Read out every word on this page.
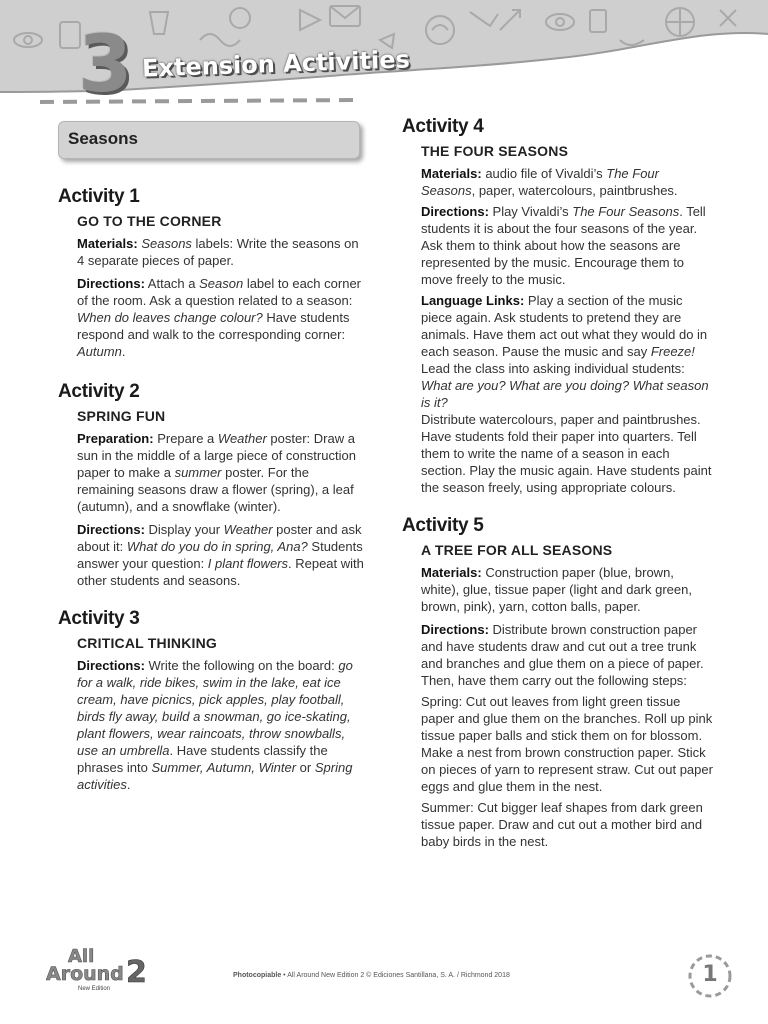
3 Extension Activities
Seasons
Activity 1
GO TO THE CORNER
Materials: Seasons labels: Write the seasons on 4 separate pieces of paper.
Directions: Attach a Season label to each corner of the room. Ask a question related to a season: When do leaves change colour? Have students respond and walk to the corresponding corner: Autumn.
Activity 2
SPRING FUN
Preparation: Prepare a Weather poster: Draw a sun in the middle of a large piece of construction paper to make a summer poster. For the remaining seasons draw a flower (spring), a leaf (autumn), and a snowflake (winter).
Directions: Display your Weather poster and ask about it: What do you do in spring, Ana? Students answer your question: I plant flowers. Repeat with other students and seasons.
Activity 3
CRITICAL THINKING
Directions: Write the following on the board: go for a walk, ride bikes, swim in the lake, eat ice cream, have picnics, pick apples, play football, birds fly away, build a snowman, go ice-skating, plant flowers, wear raincoats, throw snowballs, use an umbrella. Have students classify the phrases into Summer, Autumn, Winter or Spring activities.
Activity 4
THE FOUR SEASONS
Materials: audio file of Vivaldi’s The Four Seasons, paper, watercolours, paintbrushes.
Directions: Play Vivaldi’s The Four Seasons. Tell students it is about the four seasons of the year. Ask them to think about how the seasons are represented by the music. Encourage them to move freely to the music.
Language Links: Play a section of the music piece again. Ask students to pretend they are animals. Have them act out what they would do in each season. Pause the music and say Freeze! Lead the class into asking individual students: What are you? What are you doing? What season is it?
Distribute watercolours, paper and paintbrushes. Have students fold their paper into quarters. Tell them to write the name of a season in each section. Play the music again. Have students paint the season freely, using appropriate colours.
Activity 5
A TREE FOR ALL SEASONS
Materials: Construction paper (blue, brown, white), glue, tissue paper (light and dark green, brown, pink), yarn, cotton balls, paper.
Directions: Distribute brown construction paper and have students draw and cut out a tree trunk and branches and glue them on a piece of paper. Then, have them carry out the following steps:
Spring: Cut out leaves from light green tissue paper and glue them on the branches. Roll up pink tissue paper balls and stick them on for blossom. Make a nest from brown construction paper. Stick on pieces of yarn to represent straw. Cut out paper eggs and glue them in the nest.
Summer: Cut bigger leaf shapes from dark green tissue paper. Draw and cut out a mother bird and baby birds in the nest.
All
Around 2
New Edition
Photocopiable • All Around New Edition 2 © Ediciones Santillana, S. A. / Richmond 2018	1
